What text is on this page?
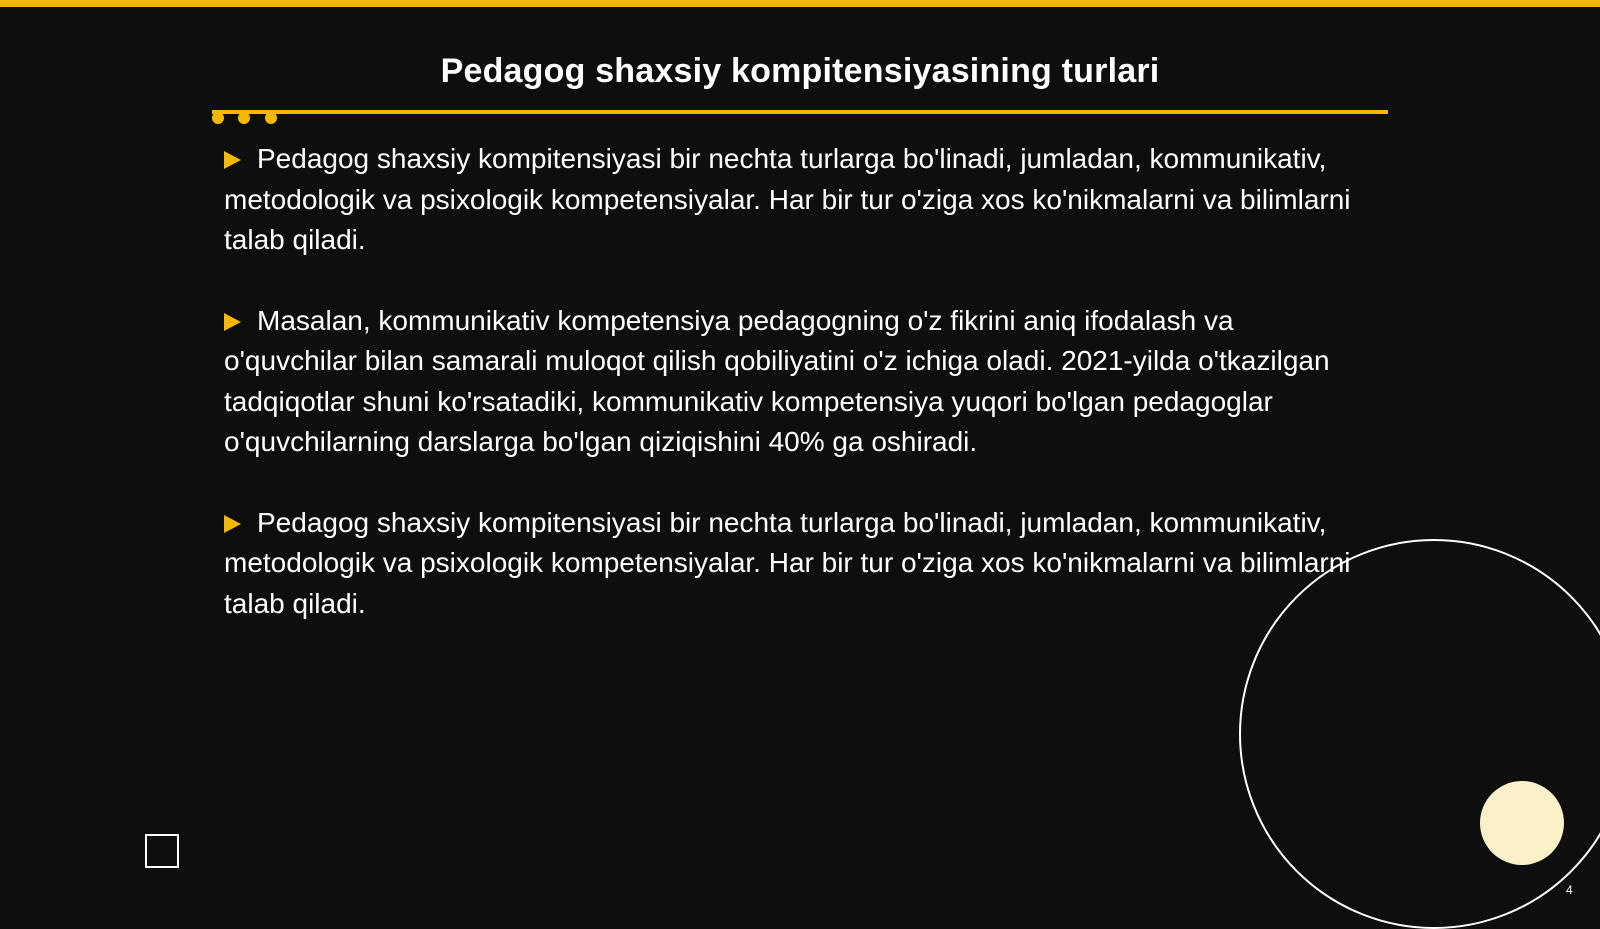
Pedagog shaxsiy kompitensiyasining turlari

Pedagog shaxsiy kompitensiyasi bir nechta turlarga bo'linadi, jumladan, kommunikativ, metodologik va psixologik kompetensiyalar. Har bir tur o'ziga xos ko'nikmalarni va bilimlarni talab qiladi.

Masalan, kommunikativ kompetensiya pedagogning o'z fikrini aniq ifodalash va o'quvchilar bilan samarali muloqot qilish qobiliyatini o'z ichiga oladi. 2021-yilda o'tkazilgan tadqiqotlar shuni ko'rsatadiki, kommunikativ kompetensiya yuqori bo'lgan pedagoglar o'quvchilarning darslarga bo'lgan qiziqishini 40% ga oshiradi.

Pedagog shaxsiy kompitensiyasi bir nechta turlarga bo'linadi, jumladan, kommunikativ, metodologik va psixologik kompetensiyalar. Har bir tur o'ziga xos ko'nikmalarni va bilimlarni talab qiladi.

4
